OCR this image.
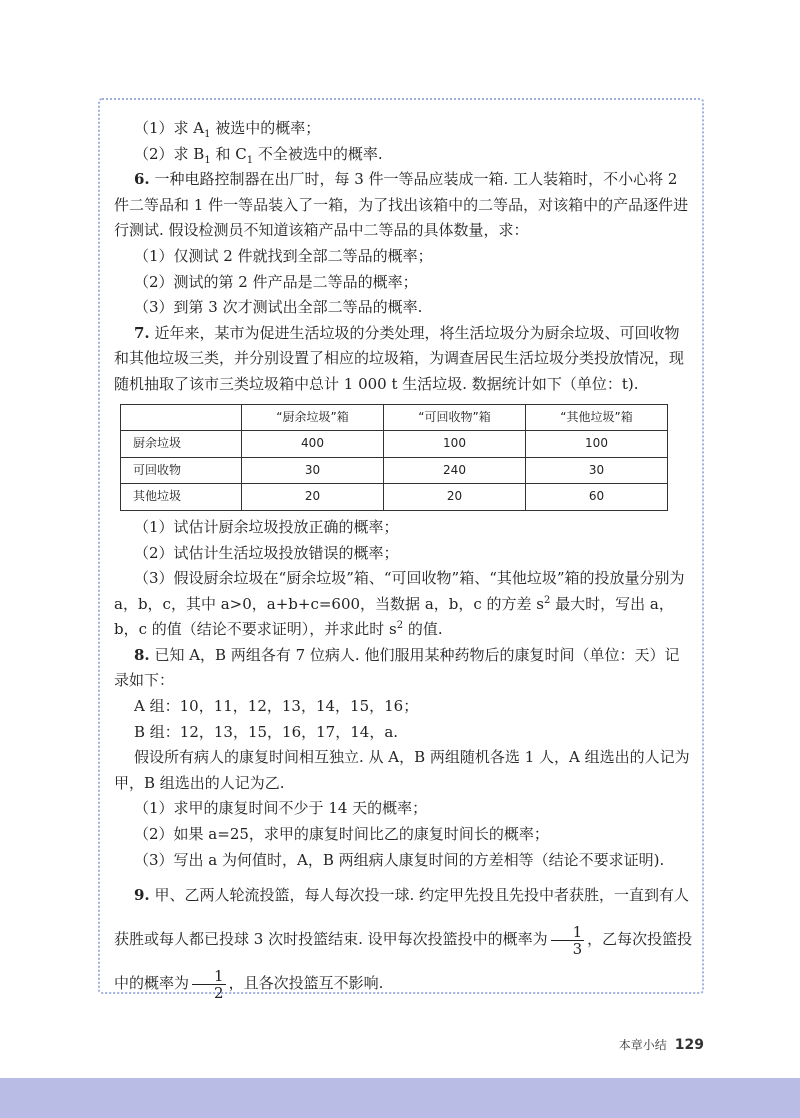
（1）求 $A_1$ 被选中的概率；

（2）求 $B_1$ 和 $C_1$ 不全被选中的概率.

6. 一种电路控制器在出厂时，每 3 件一等品应装成一箱. 工人装箱时，不小心将 2 件二等品和 1 件一等品装入了一箱，为了找出该箱中的二等品，对该箱中的产品逐件进行测试. 假设检测员不知道该箱产品中二等品的具体数量，求：

（1）仅测试 2 件就找到全部二等品的概率；

（2）测试的第 2 件产品是二等品的概率；

（3）到第 3 次才测试出全部二等品的概率.

7. 近年来，某市为促进生活垃圾的分类处理，将生活垃圾分为厨余垃圾、可回收物和其他垃圾三类，并分别设置了相应的垃圾箱，为调查居民生活垃圾分类投放情况，现随机抽取了该市三类垃圾箱中总计 1 000 t 生活垃圾. 数据统计如下（单位：t).

	“厨余垃圾”箱	“可回收物”箱	“其他垃圾”箱
厨余垃圾	400	100	100
可回收物	30	240	30
其他垃圾	20	20	60

（1）试估计厨余垃圾投放正确的概率；

（2）试估计生活垃圾投放错误的概率；

（3）假设厨余垃圾在“厨余垃圾”箱、“可回收物”箱、“其他垃圾”箱的投放量分别为 a，b，c，其中 a>0，a+b+c=600，当数据 a，b，c 的方差 $s^2$ 最大时，写出 a，b，c 的值（结论不要求证明），并求此时 $s^2$ 的值.

8. 已知 A，B 两组各有 7 位病人. 他们服用某种药物后的康复时间（单位：天）记录如下：

A 组：10，11，12，13，14，15，16；

B 组：12，13，15，16，17，14，a.

假设所有病人的康复时间相互独立. 从 A，B 两组随机各选 1 人，A 组选出的人记为甲，B 组选出的人记为乙.

（1）求甲的康复时间不少于 14 天的概率；

（2）如果 a=25，求甲的康复时间比乙的康复时间长的概率；

（3）写出 a 为何值时，A，B 两组病人康复时间的方差相等（结论不要求证明).

9. 甲、乙两人轮流投篮，每人每次投一球. 约定甲先投且先投中者获胜，一直到有人获胜或每人都已投球 3 次时投篮结束. 设甲每次投篮投中的概率为 $\frac{1}{3}$ ，乙每次投篮投中的概率为 $\frac{1}{2}$ ，且各次投篮互不影响.

本章小结 129
